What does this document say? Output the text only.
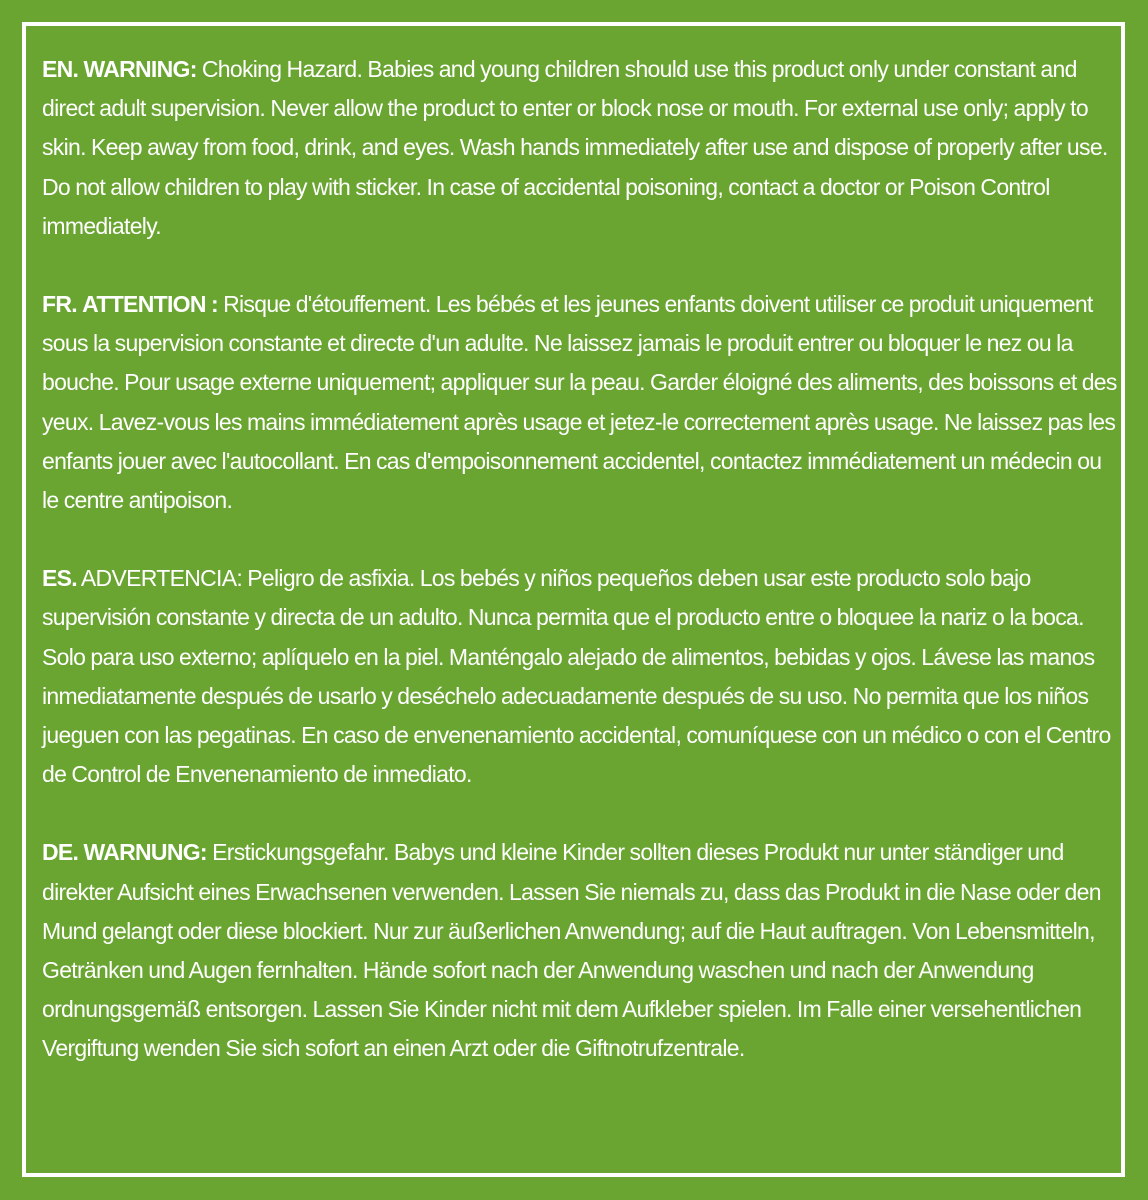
EN. WARNING: Choking Hazard. Babies and young children should use this product only under constant and direct adult supervision. Never allow the product to enter or block nose or mouth. For external use only; apply to skin. Keep away from food, drink, and eyes. Wash hands immediately after use and dispose of properly after use. Do not allow children to play with sticker. In case of accidental poisoning, contact a doctor or Poison Control immediately.

FR. ATTENTION : Risque d'étouffement. Les bébés et les jeunes enfants doivent utiliser ce produit uniquement sous la supervision constante et directe d'un adulte. Ne laissez jamais le produit entrer ou bloquer le nez ou la bouche. Pour usage externe uniquement; appliquer sur la peau. Garder éloigné des aliments, des boissons et des yeux. Lavez-vous les mains immédiatement après usage et jetez-le correctement après usage. Ne laissez pas les enfants jouer avec l'autocollant. En cas d'empoisonnement accidentel, contactez immédiatement un médecin ou le centre antipoison.

ES. ADVERTENCIA: Peligro de asfixia. Los bebés y niños pequeños deben usar este producto solo bajo supervisión constante y directa de un adulto. Nunca permita que el producto entre o bloquee la nariz o la boca. Solo para uso externo; aplíquelo en la piel. Manténgalo alejado de alimentos, bebidas y ojos. Lávese las manos inmediatamente después de usarlo y deséchelo adecuadamente después de su uso. No permita que los niños jueguen con las pegatinas. En caso de envenenamiento accidental, comuníquese con un médico o con el Centro de Control de Envenenamiento de inmediato.

DE. WARNUNG: Erstickungsgefahr. Babys und kleine Kinder sollten dieses Produkt nur unter ständiger und direkter Aufsicht eines Erwachsenen verwenden. Lassen Sie niemals zu, dass das Produkt in die Nase oder den Mund gelangt oder diese blockiert. Nur zur äußerlichen Anwendung; auf die Haut auftragen. Von Lebensmitteln, Getränken und Augen fernhalten. Hände sofort nach der Anwendung waschen und nach der Anwendung ordnungsgemäß entsorgen. Lassen Sie Kinder nicht mit dem Aufkleber spielen. Im Falle einer versehentlichen Vergiftung wenden Sie sich sofort an einen Arzt oder die Giftnotrufzentrale.
